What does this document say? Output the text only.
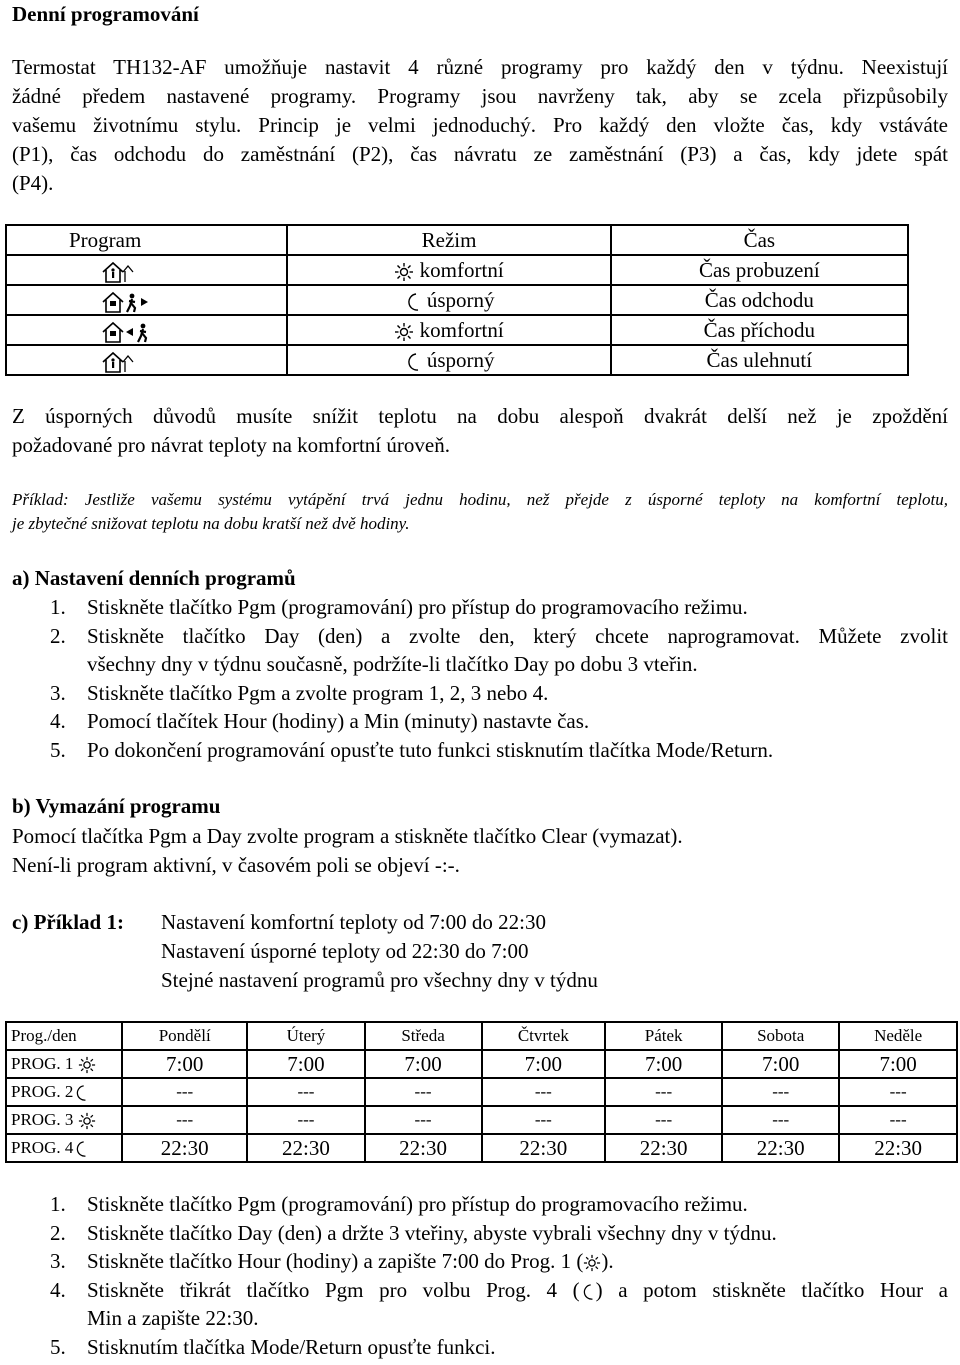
Denní programování

Termostat TH132-AF umožňuje nastavit 4 různé programy pro každý den v týdnu. Neexistují
žádné předem nastavené programy. Programy jsou navrženy tak, aby se zcela přizpůsobily
vašemu životnímu stylu. Princip je velmi jednoduchý. Pro každý den vložte čas, kdy vstáváte
(P1), čas odchodu do zaměstnání (P2), čas návratu ze zaměstnání (P3) a čas, kdy jdete spát
(P4).

Program	Režim	Čas
	komfortní	Čas probuzení
	úsporný	Čas odchodu
	komfortní	Čas příchodu
	úsporný	Čas ulehnutí

Z úsporných důvodů musíte snížit teplotu na dobu alespoň dvakrát delší než je zpoždění
požadované pro návrat teploty na komfortní úroveň.

Příklad: Jestliže vašemu systému vytápění trvá jednu hodinu, než přejde z úsporné teploty na komfortní teplotu,
je zbytečné snižovat teplotu na dobu kratší než dvě hodiny.

a) Nastavení denních programů
1. Stiskněte tlačítko Pgm (programování) pro přístup do programovacího režimu.
2. Stiskněte tlačítko Day (den) a zvolte den, který chcete naprogramovat. Můžete zvolit
všechny dny v týdnu současně, podržíte-li tlačítko Day po dobu 3 vteřin.
3. Stiskněte tlačítko Pgm a zvolte program 1, 2, 3 nebo 4.
4. Pomocí tlačítek Hour (hodiny) a Min (minuty) nastavte čas.
5. Po dokončení programování opusťte tuto funkci stisknutím tlačítka Mode/Return.
b) Vymazání programu

Pomocí tlačítka Pgm a Day zvolte program a stiskněte tlačítko Clear (vymazat).
Není-li program aktivní, v časovém poli se objeví -:-.

c) Příklad 1: Nastavení komfortní teploty od 7:00 do 22:30
Nastavení úsporné teploty od 22:30 do 7:00
Stejné nastavení programů pro všechny dny v týdnu
Prog./den	Pondělí	Úterý	Středa	Čtvrtek	Pátek	Sobota	Neděle
PROG. 1	7:00	7:00	7:00	7:00	7:00	7:00	7:00
PROG. 2	---	---	---	---	---	---	---
PROG. 3	---	---	---	---	---	---	---
PROG. 4	22:30	22:30	22:30	22:30	22:30	22:30	22:30
1. Stiskněte tlačítko Pgm (programování) pro přístup do programovacího režimu.
2. Stiskněte tlačítko Day (den) a držte 3 vteřiny, abyste vybrali všechny dny v týdnu.
3. Stiskněte tlačítko Hour (hodiny) a zapište 7:00 do Prog. 1 ( ).
4. Stiskněte třikrát tlačítko Pgm pro volbu Prog. 4 ( ) a potom stiskněte tlačítko Hour a
Min a zapište 22:30.
5. Stisknutím tlačítka Mode/Return opusťte funkci.
